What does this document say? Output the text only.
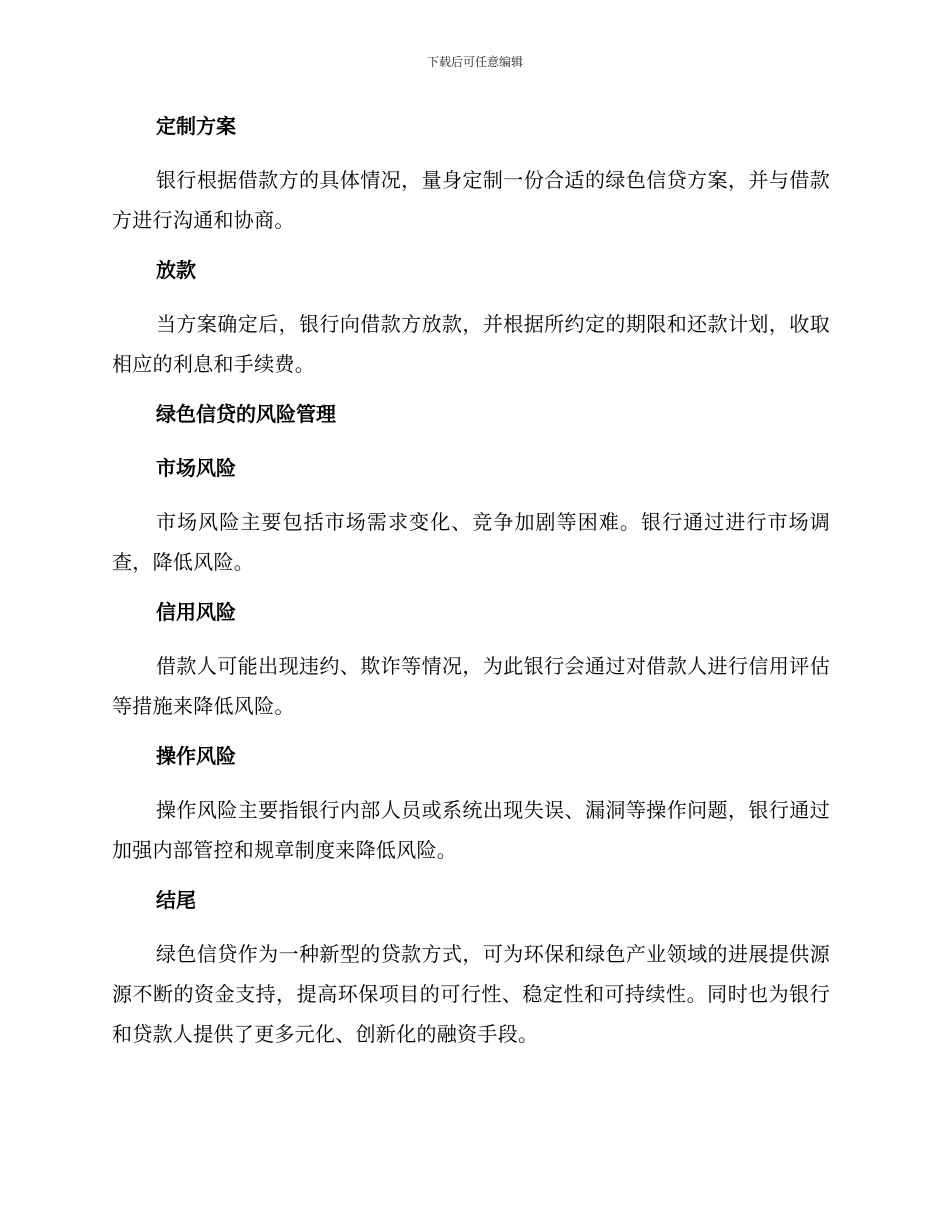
下载后可任意编辑
定制方案

银行根据借款方的具体情况，量身定制一份合适的绿色信贷方案，并与借款方进行沟通和协商。

放款

当方案确定后，银行向借款方放款，并根据所约定的期限和还款计划，收取相应的利息和手续费。

绿色信贷的风险管理
市场风险

市场风险主要包括市场需求变化、竞争加剧等困难。银行通过进行市场调查，降低风险。

信用风险

借款人可能出现违约、欺诈等情况，为此银行会通过对借款人进行信用评估等措施来降低风险。

操作风险

操作风险主要指银行内部人员或系统出现失误、漏洞等操作问题，银行通过加强内部管控和规章制度来降低风险。

结尾

绿色信贷作为一种新型的贷款方式，可为环保和绿色产业领域的进展提供源源不断的资金支持，提高环保项目的可行性、稳定性和可持续性。同时也为银行和贷款人提供了更多元化、创新化的融资手段。
